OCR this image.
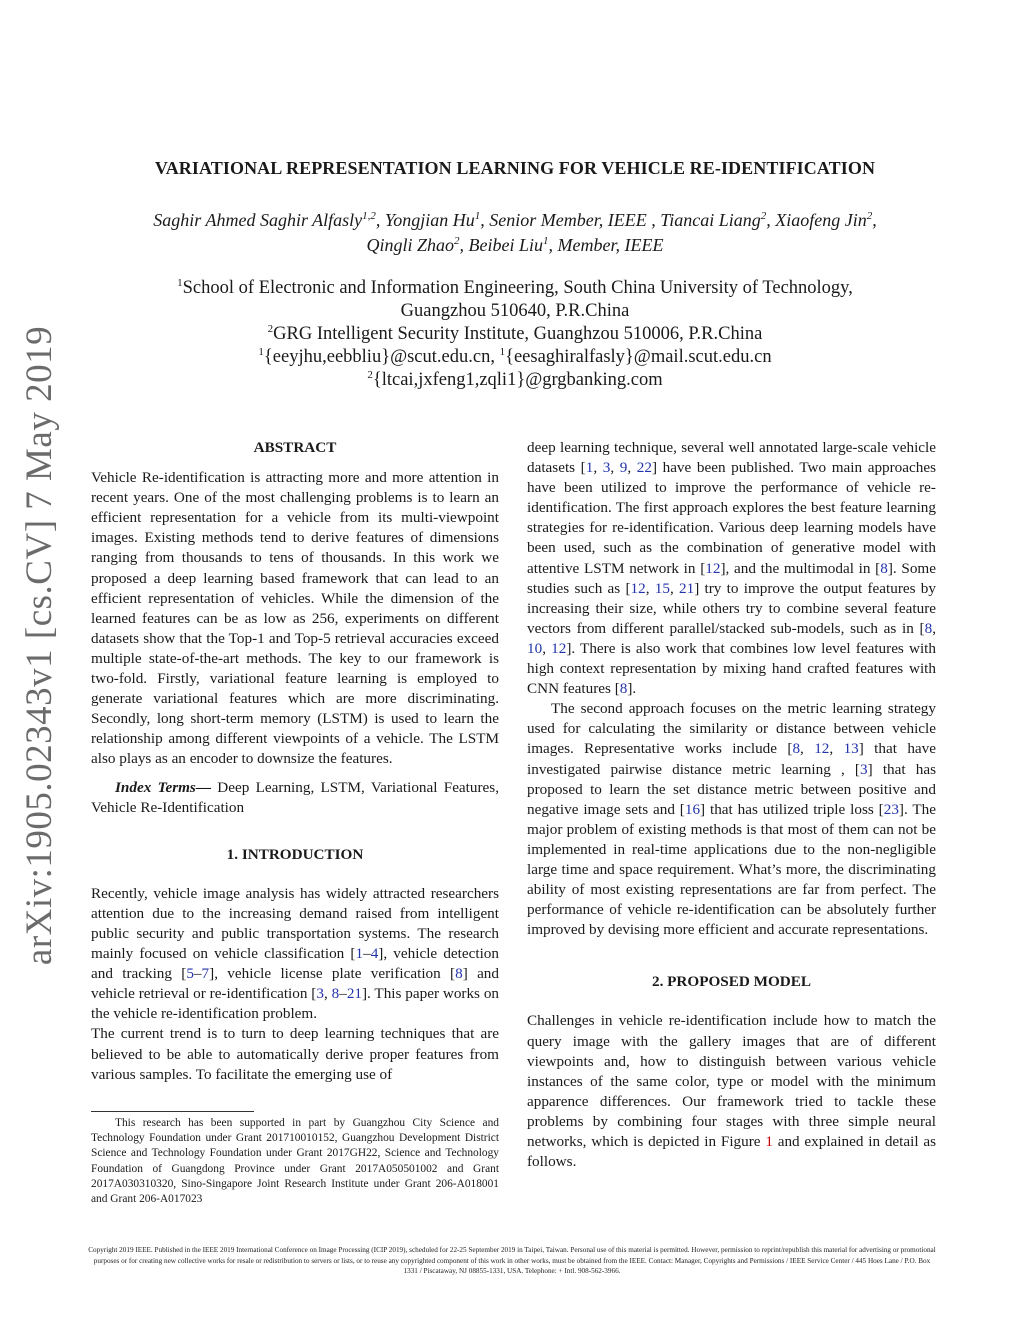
arXiv:1905.02343v1 [cs.CV] 7 May 2019
VARIATIONAL REPRESENTATION LEARNING FOR VEHICLE RE-IDENTIFICATION
Saghir Ahmed Saghir Alfasly$^{1,2}$, Yongjian Hu$^1$, Senior Member, IEEE , Tiancai Liang$^2$, Xiaofeng Jin$^2$,
Qingli Zhao$^2$, Beibei Liu$^1$, Member, IEEE
$^1$School of Electronic and Information Engineering, South China University of Technology,
Guangzhou 510640, P.R.China
$^2$GRG Intelligent Security Institute, Guanghzou 510006, P.R.China
$^1${eeyjhu,eebbliu}@scut.edu.cn, $^1${eesaghiralfasly}@mail.scut.edu.cn
$^2${ltcai,jxfeng1,zqli1}@grgbanking.com
ABSTRACT

Vehicle Re-identification is attracting more and more attention in recent years. One of the most challenging problems is to learn an efficient representation for a vehicle from its multi-viewpoint images. Existing methods tend to derive features of dimensions ranging from thousands to tens of thousands. In this work we proposed a deep learning based framework that can lead to an efficient representation of vehicles. While the dimension of the learned features can be as low as 256, experiments on different datasets show that the Top-1 and Top-5 retrieval accuracies exceed multiple state-of-the-art methods. The key to our framework is two-fold. Firstly, variational feature learning is employed to generate variational features which are more discriminating. Secondly, long short-term memory (LSTM) is used to learn the relationship among different viewpoints of a vehicle. The LSTM also plays as an encoder to downsize the features.

Index Terms— Deep Learning, LSTM, Variational Features, Vehicle Re-Identification

1. INTRODUCTION

Recently, vehicle image analysis has widely attracted researchers attention due to the increasing demand raised from intelligent public security and public transportation systems. The research mainly focused on vehicle classification [1–4], vehicle detection and tracking [5–7], vehicle license plate verification [8] and vehicle retrieval or re-identification [3, 8–21]. This paper works on the vehicle re-identification problem.

The current trend is to turn to deep learning techniques that are believed to be able to automatically derive proper features from various samples. To facilitate the emerging use of

This research has been supported in part by Guangzhou City Science and Technology Foundation under Grant 201710010152, Guangzhou Development District Science and Technology Foundation under Grant 2017GH22, Science and Technology Foundation of Guangdong Province under Grant 2017A050501002 and Grant 2017A030310320, Sino-Singapore Joint Research Institute under Grant 206-A018001 and Grant 206-A017023

deep learning technique, several well annotated large-scale vehicle datasets [1, 3, 9, 22] have been published. Two main approaches have been utilized to improve the performance of vehicle re-identification. The first approach explores the best feature learning strategies for re-identification. Various deep learning models have been used, such as the combination of generative model with attentive LSTM network in [12], and the multimodal in [8]. Some studies such as [12, 15, 21] try to improve the output features by increasing their size, while others try to combine several feature vectors from different parallel/stacked sub-models, such as in [8, 10, 12]. There is also work that combines low level features with high context representation by mixing hand crafted features with CNN features [8].

The second approach focuses on the metric learning strategy used for calculating the similarity or distance between vehicle images. Representative works include [8, 12, 13] that have investigated pairwise distance metric learning , [3] that has proposed to learn the set distance metric between positive and negative image sets and [16] that has utilized triple loss [23]. The major problem of existing methods is that most of them can not be implemented in real-time applications due to the non-negligible large time and space requirement. What’s more, the discriminating ability of most existing representations are far from perfect. The performance of vehicle re-identification can be absolutely further improved by devising more efficient and accurate representations.

2. PROPOSED MODEL

Challenges in vehicle re-identification include how to match the query image with the gallery images that are of different viewpoints and, how to distinguish between various vehicle instances of the same color, type or model with the minimum apparence differences. Our framework tried to tackle these problems by combining four stages with three simple neural networks, which is depicted in Figure 1 and explained in detail as follows.

Copyright 2019 IEEE. Published in the IEEE 2019 International Conference on Image Processing (ICIP 2019), scheduled for 22-25 September 2019 in Taipei, Taiwan. Personal use of this material is permitted. However, permission to reprint/republish this material for advertising or promotional purposes or for creating new collective works for resale or redistribution to servers or lists, or to reuse any copyrighted component of this work in other works, must be obtained from the IEEE. Contact: Manager, Copyrights and Permissions / IEEE Service Center / 445 Hoes Lane / P.O. Box 1331 / Piscataway, NJ 08855-1331, USA. Telephone: + Intl. 908-562-3966.
